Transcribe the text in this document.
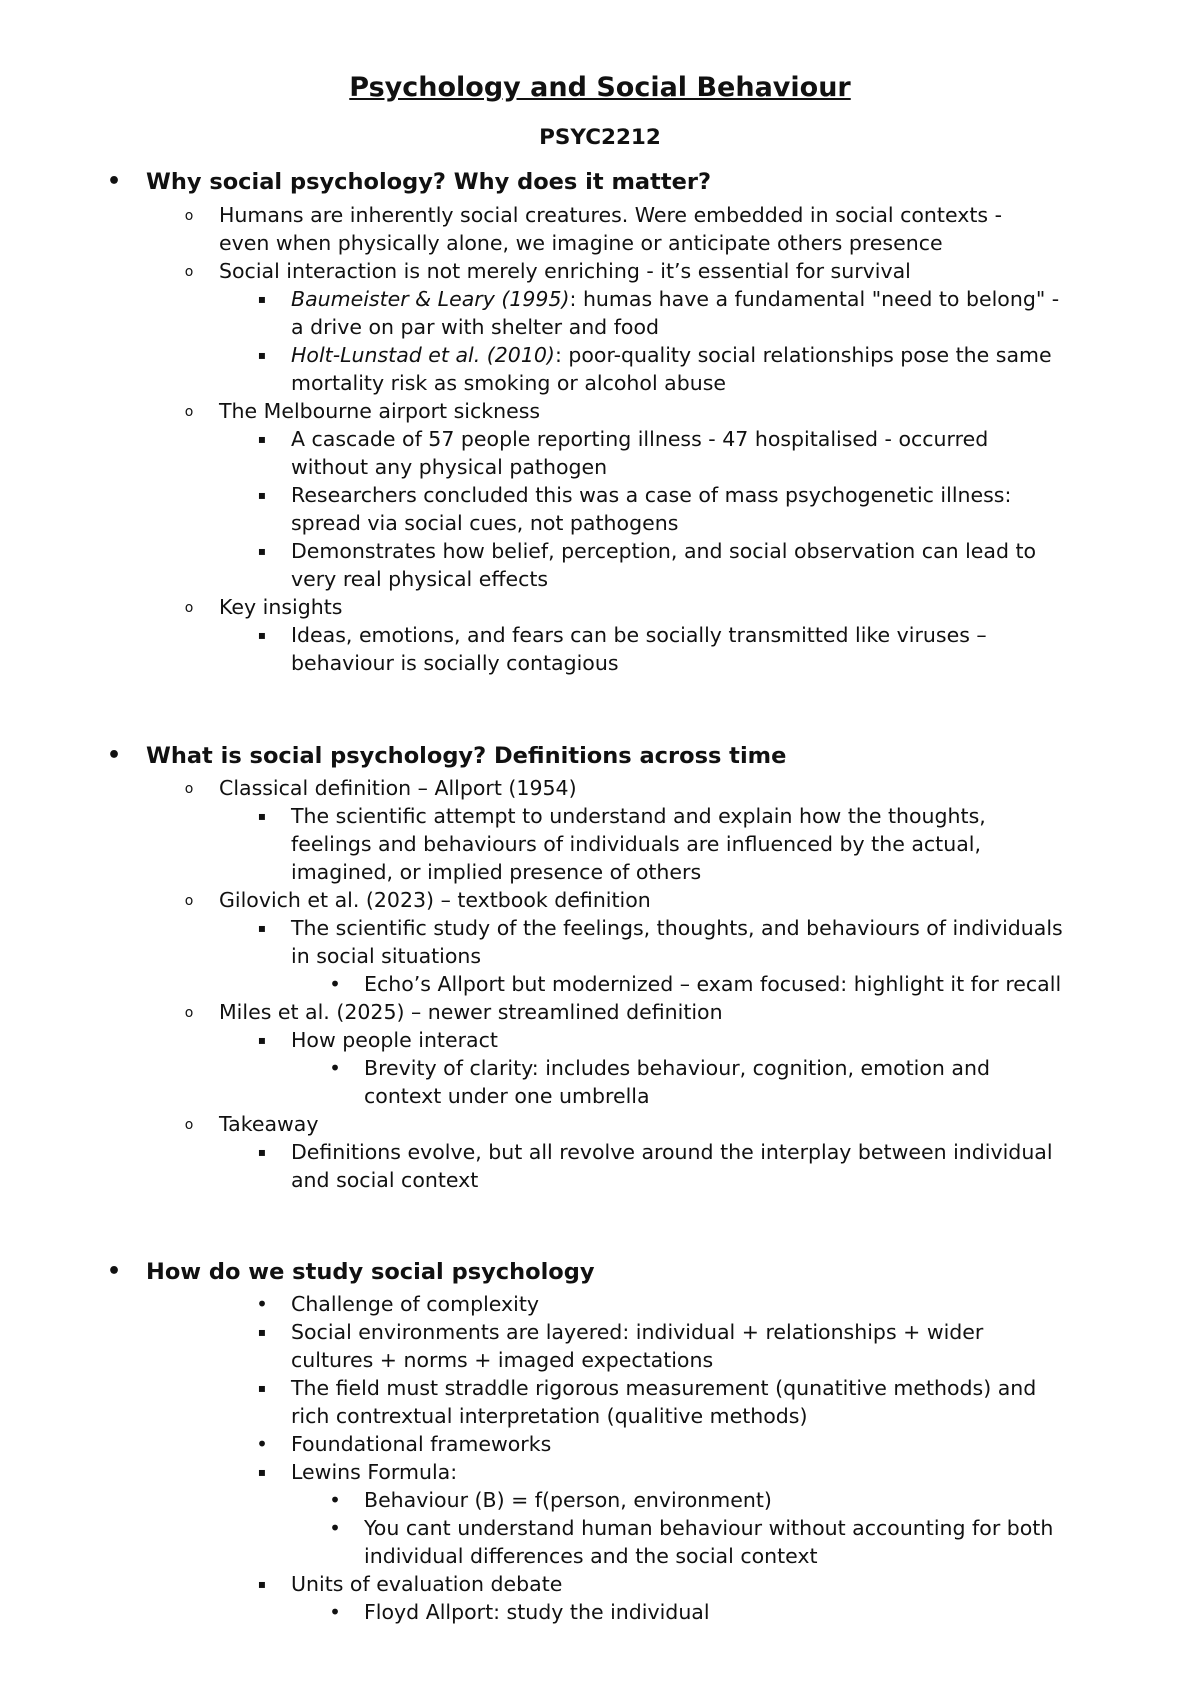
Psychology and Social Behaviour
PSYC2212
• Why social psychology? Why does it matter?
o Humans are inherently social creatures. Were embedded in social contexts -
even when physically alone, we imagine or anticipate others presence
o Social interaction is not merely enriching - it’s essential for survival
▪ Baumeister & Leary (1995): humas have a fundamental "need to belong" -
a drive on par with shelter and food
▪ Holt-Lunstad et al. (2010): poor-quality social relationships pose the same
mortality risk as smoking or alcohol abuse
o The Melbourne airport sickness
▪ A cascade of 57 people reporting illness - 47 hospitalised - occurred
without any physical pathogen
▪ Researchers concluded this was a case of mass psychogenetic illness:
spread via social cues, not pathogens
▪ Demonstrates how belief, perception, and social observation can lead to
very real physical effects
o Key insights
▪ Ideas, emotions, and fears can be socially transmitted like viruses –
behaviour is socially contagious
• What is social psychology? Definitions across time
o Classical definition – Allport (1954)
▪ The scientific attempt to understand and explain how the thoughts,
feelings and behaviours of individuals are influenced by the actual,
imagined, or implied presence of others
o Gilovich et al. (2023) – textbook definition
▪ The scientific study of the feelings, thoughts, and behaviours of individuals
in social situations
• Echo’s Allport but modernized – exam focused: highlight it for recall
o Miles et al. (2025) – newer streamlined definition
▪ How people interact
• Brevity of clarity: includes behaviour, cognition, emotion and
context under one umbrella
o Takeaway
▪ Definitions evolve, but all revolve around the interplay between individual
and social context
• How do we study social psychology
• Challenge of complexity
▪ Social environments are layered: individual + relationships + wider
cultures + norms + imaged expectations
▪ The field must straddle rigorous measurement (qunatitive methods) and
rich contrextual interpretation (qualitive methods)
• Foundational frameworks
▪ Lewins Formula:
• Behaviour (B) = f(person, environment)
• You cant understand human behaviour without accounting for both
individual differences and the social context
▪ Units of evaluation debate
• Floyd Allport: study the individual
